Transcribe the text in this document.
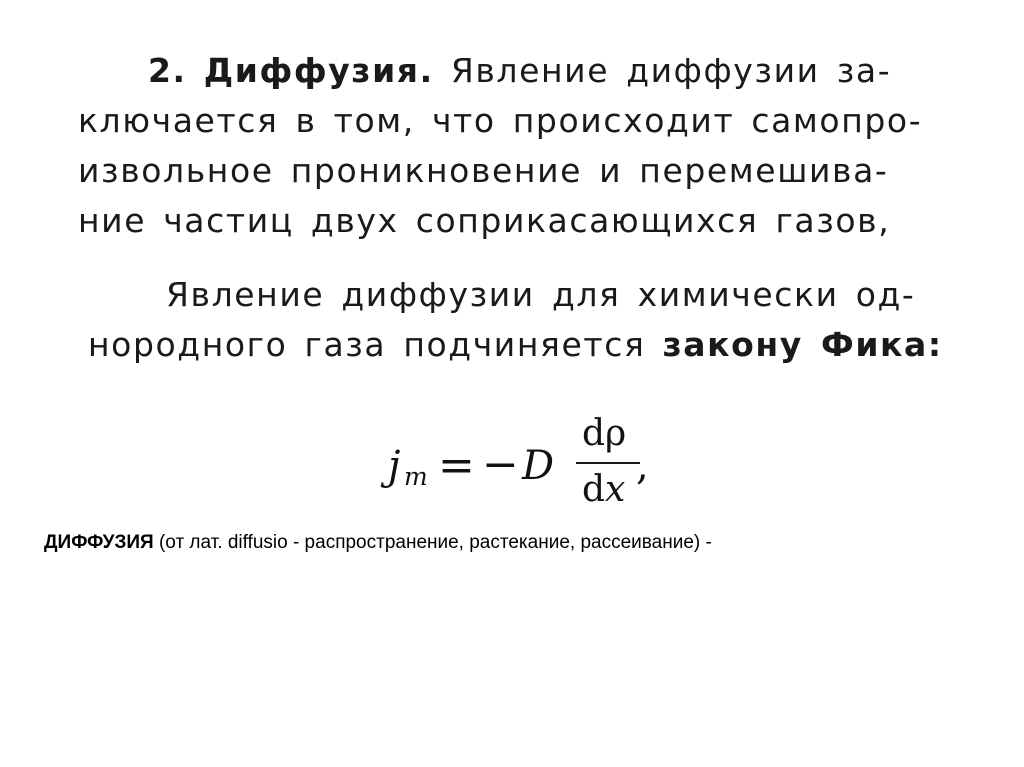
2. Диффузия. Явление диффузии за-
ключается в том, что происходит самопро-
извольное проникновение и перемешива-
ние частиц двух соприкасающихся газов,
Явление диффузии для химически од-
нородного газа подчиняется закону Фика:
j m = − D
dρ
dx
,

ДИФФУЗИЯ (от лат. diffusio - распространение, растекание, рассеивание) -
